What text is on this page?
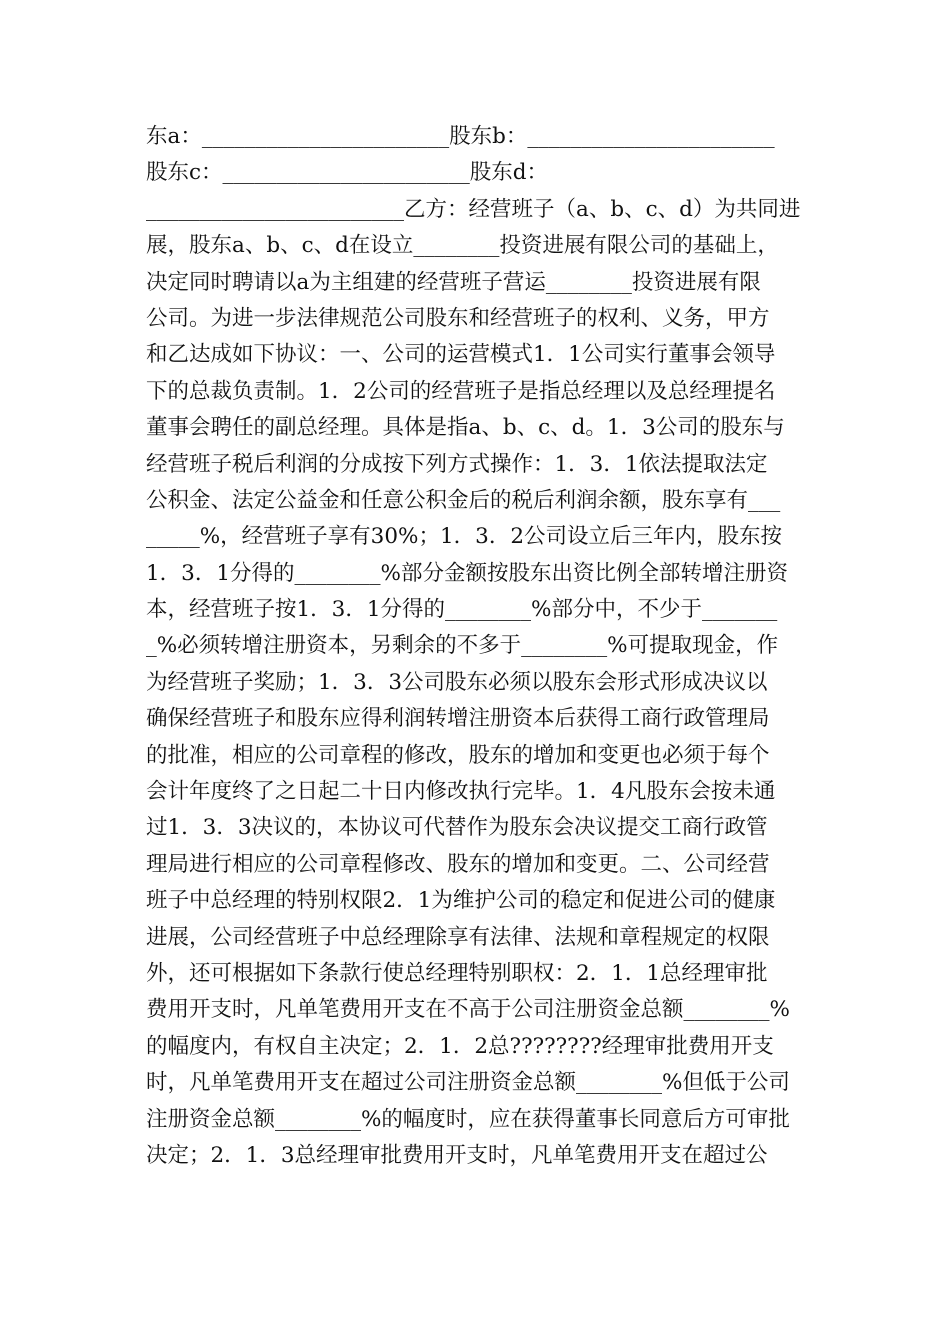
东a：_______________________股东b：_______________________
股东c：_______________________股东d：
________________________乙方：经营班子（a、b、c、d）为共同进
展，股东a、b、c、d在设立________投资进展有限公司的基础上，
决定同时聘请以a为主组建的经营班子营运________投资进展有限
公司。为进一步法律规范公司股东和经营班子的权利、义务，甲方
和乙达成如下协议：一、公司的运营模式1．1公司实行董事会领导
下的总裁负责制。1．2公司的经营班子是指总经理以及总经理提名
董事会聘任的副总经理。具体是指a、b、c、d。1．3公司的股东与
经营班子税后利润的分成按下列方式操作：1．3．1依法提取法定
公积金、法定公益金和任意公积金后的税后利润余额，股东享有___
_____%，经营班子享有30%；1．3．2公司设立后三年内，股东按
1．3．1分得的________%部分金额按股东出资比例全部转增注册资
本，经营班子按1．3．1分得的________%部分中，不少于_______
_%必须转增注册资本，另剩余的不多于________%可提取现金，作
为经营班子奖励；1．3．3公司股东必须以股东会形式形成决议以
确保经营班子和股东应得利润转增注册资本后获得工商行政管理局
的批准，相应的公司章程的修改，股东的增加和变更也必须于每个
会计年度终了之日起二十日内修改执行完毕。1．4凡股东会按未通
过1．3．3决议的，本协议可代替作为股东会决议提交工商行政管
理局进行相应的公司章程修改、股东的增加和变更。二、公司经营
班子中总经理的特别权限2．1为维护公司的稳定和促进公司的健康
进展，公司经营班子中总经理除享有法律、法规和章程规定的权限
外，还可根据如下条款行使总经理特别职权：2．1．1总经理审批
费用开支时，凡单笔费用开支在不高于公司注册资金总额________%
的幅度内，有权自主决定；2．1．2总????????经理审批费用开支
时，凡单笔费用开支在超过公司注册资金总额________%但低于公司
注册资金总额________%的幅度时，应在获得董事长同意后方可审批
决定；2．1．3总经理审批费用开支时，凡单笔费用开支在超过公
